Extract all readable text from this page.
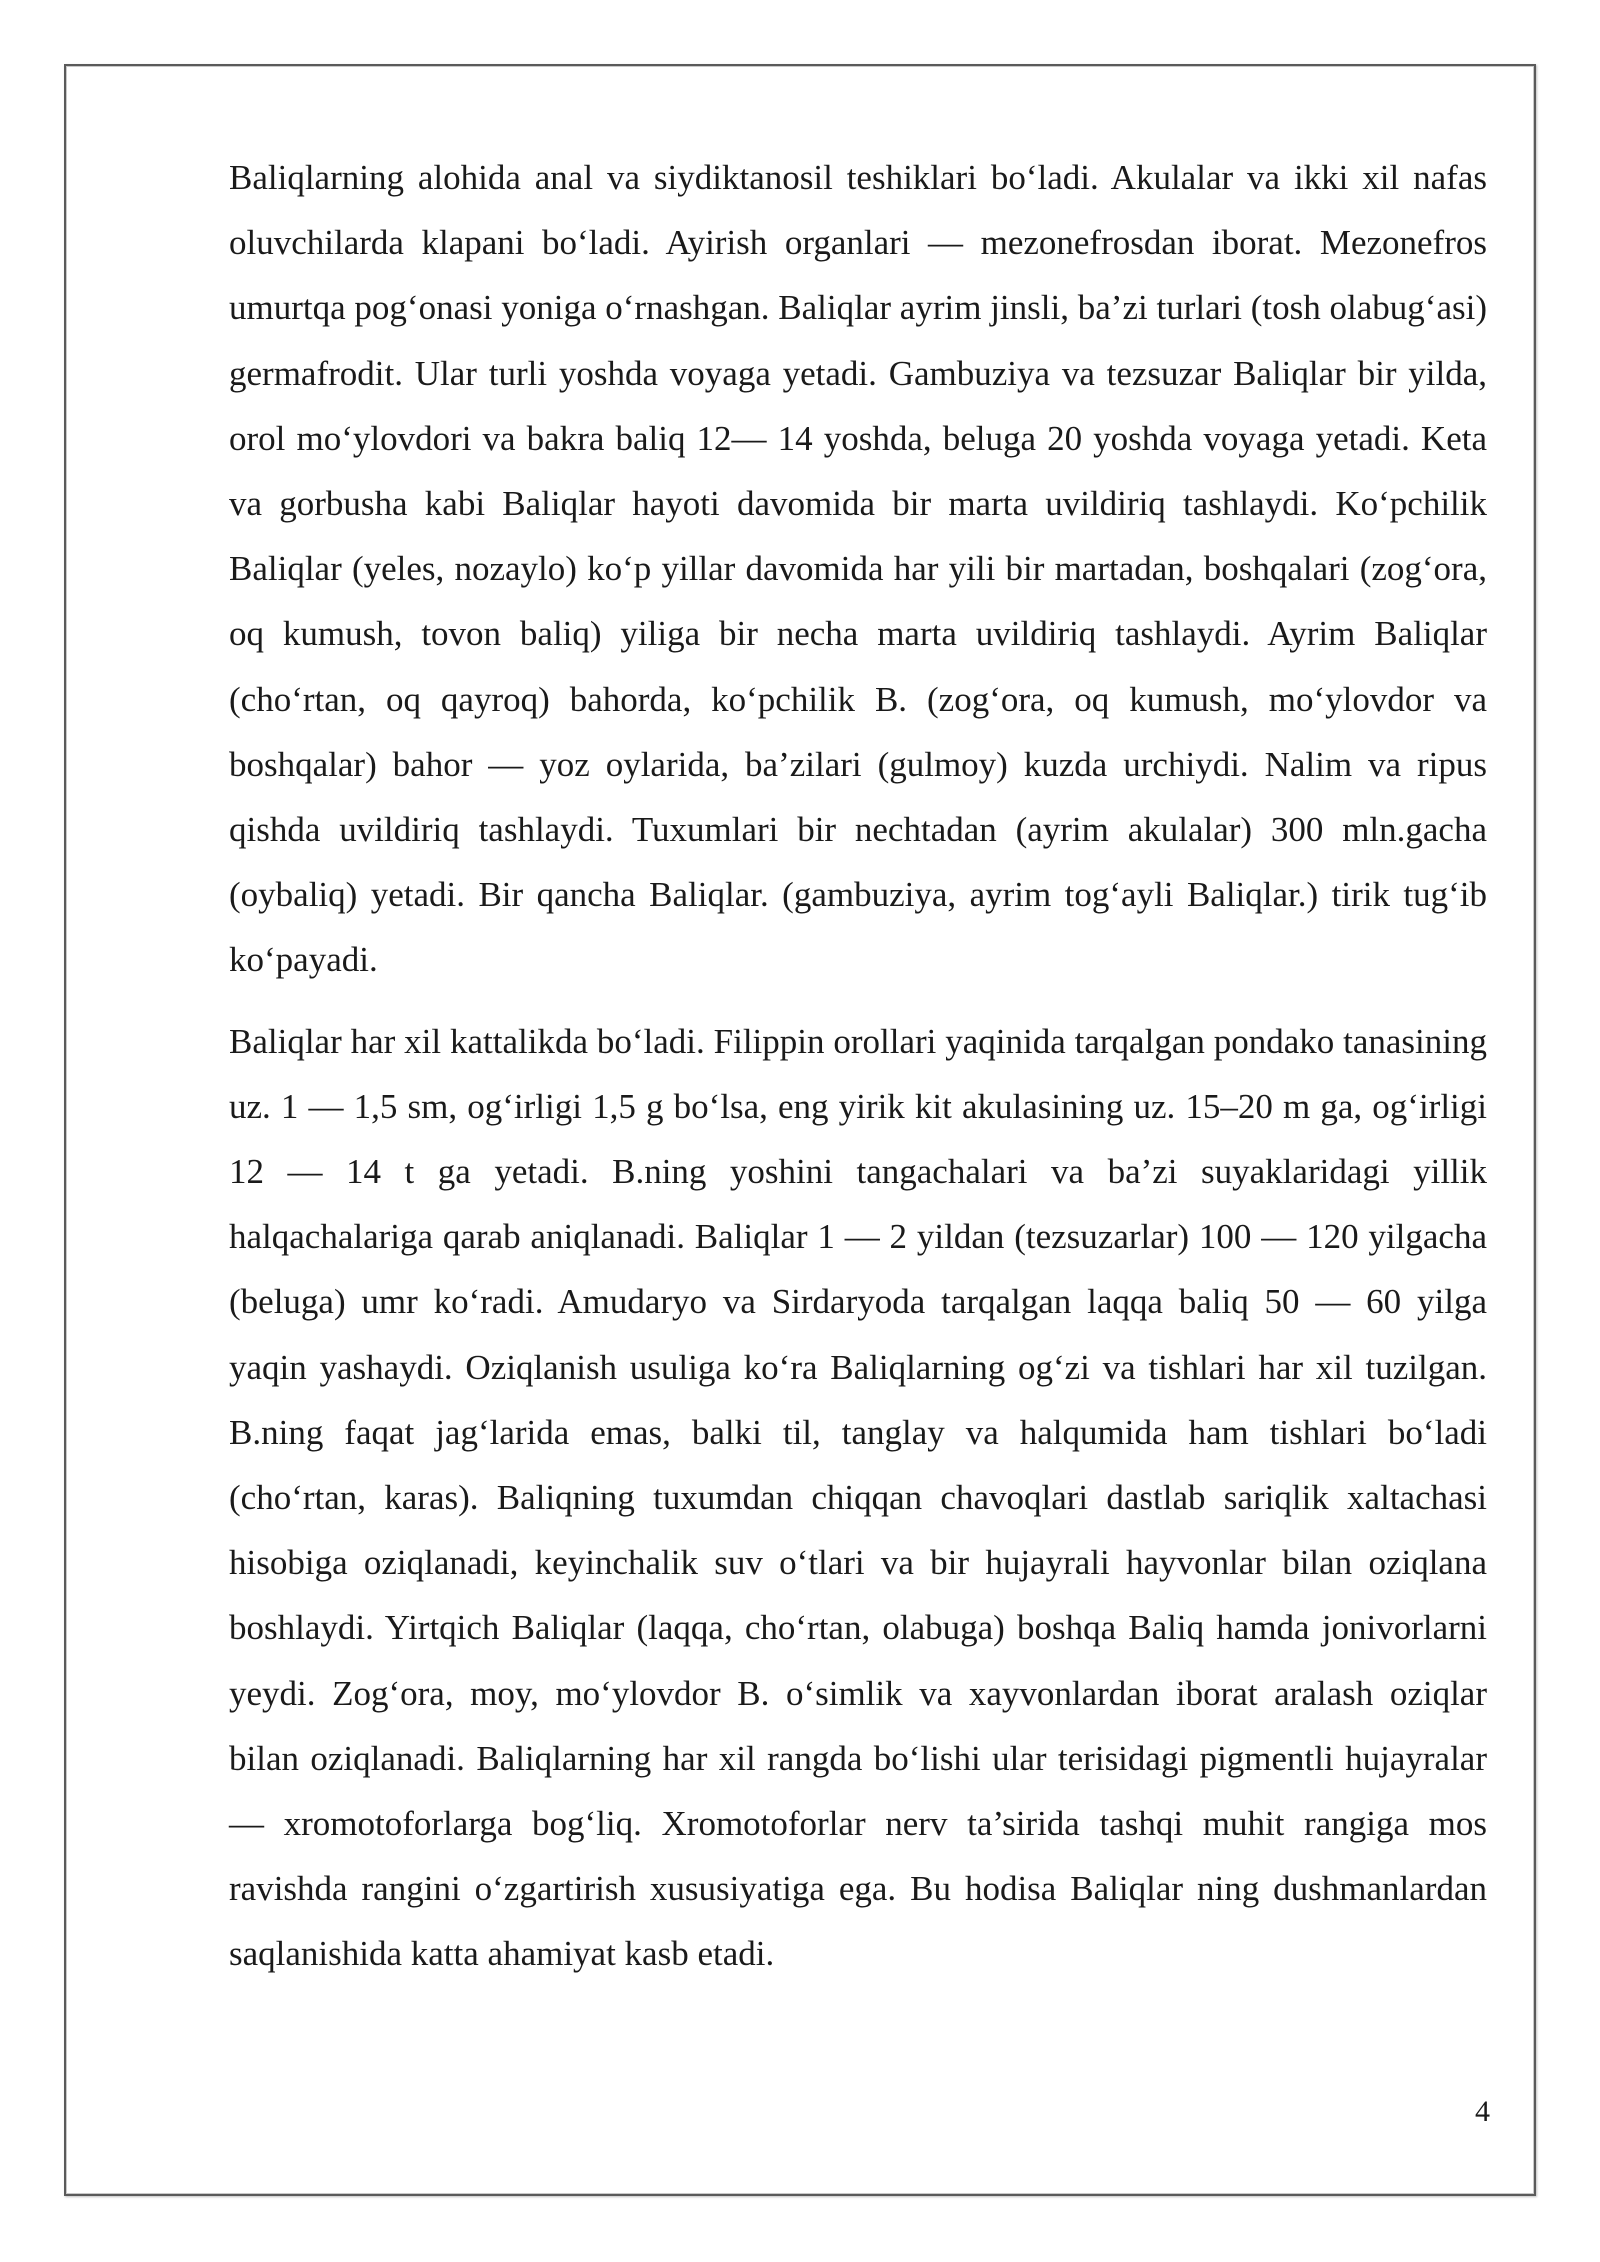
Baliqlarning alohida anal va siydiktanosil teshiklari bo‘ladi. Akulalar va ikki xil nafas oluvchilarda klapani bo‘ladi. Ayirish organlari — mezonefrosdan iborat. Mezonefros umurtqa pog‘onasi yoniga o‘rnashgan. Baliqlar ayrim jinsli, ba’zi turlari (tosh olabug‘asi) germafrodit. Ular turli yoshda voyaga yetadi. Gambuziya va tezsuzar Baliqlar bir yilda, orol mo‘ylovdori va bakra baliq 12— 14 yoshda, beluga 20 yoshda voyaga yetadi. Keta va gorbusha kabi Baliqlar hayoti davomida bir marta uvildiriq tashlaydi. Ko‘pchilik Baliqlar (yeles, nozaylo) ko‘p yillar davomida har yili bir martadan, boshqalari (zog‘ora, oq kumush, tovon baliq) yiliga bir necha marta uvildiriq tashlaydi. Ayrim Baliqlar (cho‘rtan, oq qayroq) bahorda, ko‘pchilik B. (zog‘ora, oq kumush, mo‘ylovdor va boshqalar) bahor — yoz oylarida, ba’zilari (gulmoy) kuzda urchiydi. Nalim va ripus qishda uvildiriq tashlaydi. Tuxumlari bir nechtadan (ayrim akulalar) 300 mln.gacha (oybaliq) yetadi. Bir qancha Baliqlar. (gambuziya, ayrim tog‘ayli Baliqlar.) tirik tug‘ib ko‘payadi.

Baliqlar har xil kattalikda bo‘ladi. Filippin orollari yaqinida tarqalgan pondako tanasining uz. 1 — 1,5 sm, og‘irligi 1,5 g bo‘lsa, eng yirik kit akulasining uz. 15–20 m ga, og‘irligi 12 — 14 t ga yetadi. B.ning yoshini tangachalari va ba’zi suyaklaridagi yillik halqachalariga qarab aniqlanadi. Baliqlar 1 — 2 yildan (tezsuzarlar) 100 — 120 yilgacha (beluga) umr ko‘radi. Amudaryo va Sirdaryoda tarqalgan laqqa baliq 50 — 60 yilga yaqin yashaydi. Oziqlanish usuliga ko‘ra Baliqlarning og‘zi va tishlari har xil tuzilgan. B.ning faqat jag‘larida emas, balki til, tanglay va halqumida ham tishlari bo‘ladi (cho‘rtan, karas). Baliqning tuxumdan chiqqan chavoqlari dastlab sariqlik xaltachasi hisobiga oziqlanadi, keyinchalik suv o‘tlari va bir hujayrali hayvonlar bilan oziqlana boshlaydi. Yirtqich Baliqlar (laqqa, cho‘rtan, olabuga) boshqa Baliq hamda jonivorlarni yeydi. Zog‘ora, moy, mo‘ylovdor B. o‘simlik va xayvonlardan iborat aralash oziqlar bilan oziqlanadi. Baliqlarning har xil rangda bo‘lishi ular terisidagi pigmentli hujayralar — xromotoforlarga bog‘liq. Xromotoforlar nerv ta’sirida tashqi muhit rangiga mos ravishda rangini o‘zgartirish xususiyatiga ega. Bu hodisa Baliqlar ning dushmanlardan saqlanishida katta ahamiyat kasb etadi.

4
